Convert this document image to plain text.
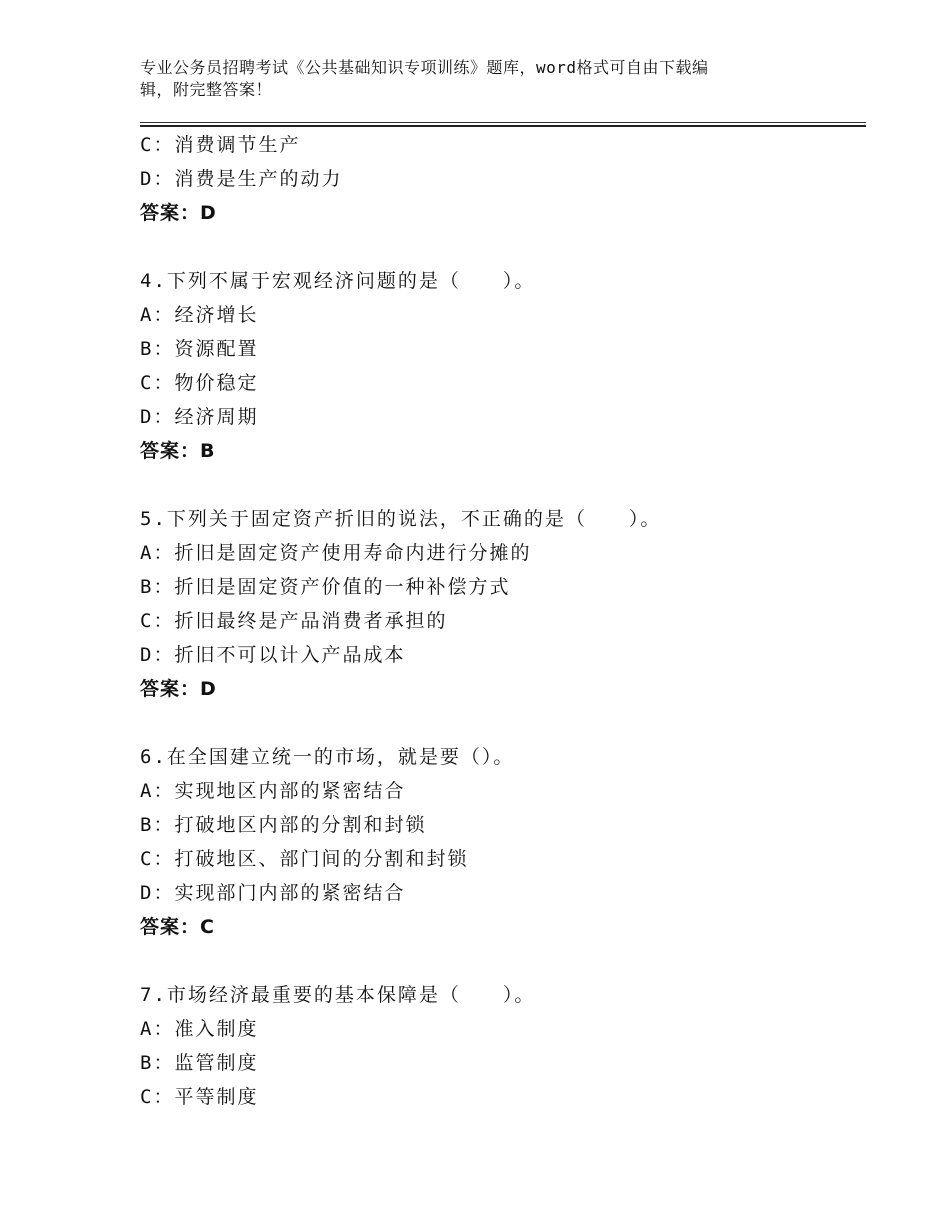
专业公务员招聘考试《公共基础知识专项训练》题库，word格式可自由下载编
辑，附完整答案！
C：消费调节生产
D：消费是生产的动力
答案：D
4.下列不属于宏观经济问题的是（　　）。
A：经济增长
B：资源配置
C：物价稳定
D：经济周期
答案：B
5.下列关于固定资产折旧的说法，不正确的是（　　）。
A：折旧是固定资产使用寿命内进行分摊的
B：折旧是固定资产价值的一种补偿方式
C：折旧最终是产品消费者承担的
D：折旧不可以计入产品成本
答案：D
6.在全国建立统一的市场，就是要（）。
A：实现地区内部的紧密结合
B：打破地区内部的分割和封锁
C：打破地区、部门间的分割和封锁
D：实现部门内部的紧密结合
答案：C
7.市场经济最重要的基本保障是（　　）。
A：准入制度
B：监管制度
C：平等制度
